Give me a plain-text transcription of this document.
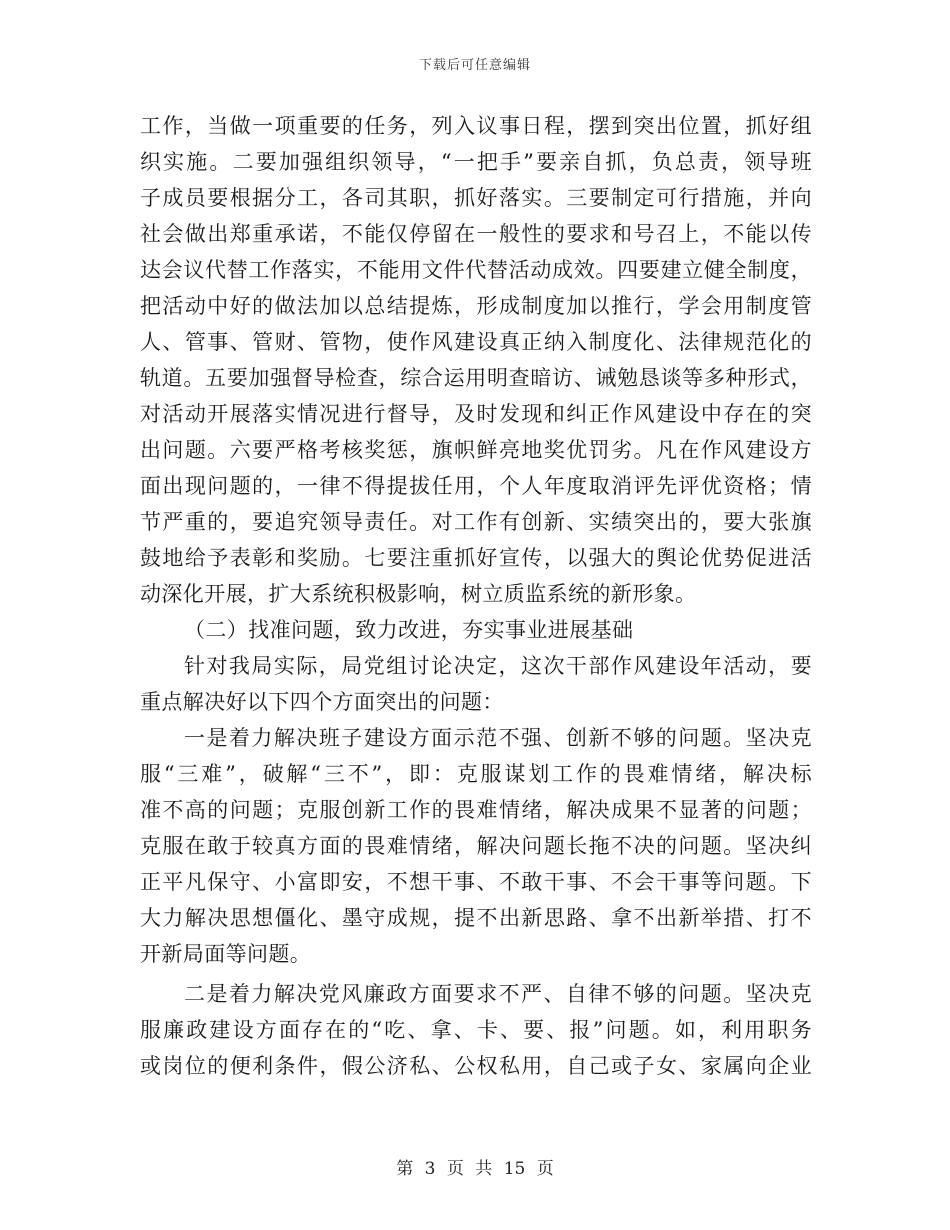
下载后可任意编辑
工作，当做一项重要的任务，列入议事日程，摆到突出位置，抓好组
织实施。二要加强组织领导，“一把手”要亲自抓，负总责，领导班
子成员要根据分工，各司其职，抓好落实。三要制定可行措施，并向
社会做出郑重承诺，不能仅停留在一般性的要求和号召上，不能以传
达会议代替工作落实，不能用文件代替活动成效。四要建立健全制度，
把活动中好的做法加以总结提炼，形成制度加以推行，学会用制度管
人、管事、管财、管物，使作风建设真正纳入制度化、法律规范化的
轨道。五要加强督导检查，综合运用明查暗访、诫勉恳谈等多种形式，
对活动开展落实情况进行督导，及时发现和纠正作风建设中存在的突
出问题。六要严格考核奖惩，旗帜鲜亮地奖优罚劣。凡在作风建设方
面出现问题的，一律不得提拔任用，个人年度取消评先评优资格；情
节严重的，要追究领导责任。对工作有创新、实绩突出的，要大张旗
鼓地给予表彰和奖励。七要注重抓好宣传，以强大的舆论优势促进活
动深化开展，扩大系统积极影响，树立质监系统的新形象。
（二）找准问题，致力改进，夯实事业进展基础
针对我局实际，局党组讨论决定，这次干部作风建设年活动，要
重点解决好以下四个方面突出的问题：
一是着力解决班子建设方面示范不强、创新不够的问题。坚决克
服“三难”，破解“三不”，即：克服谋划工作的畏难情绪，解决标
准不高的问题；克服创新工作的畏难情绪，解决成果不显著的问题；
克服在敢于较真方面的畏难情绪，解决问题长拖不决的问题。坚决纠
正平凡保守、小富即安，不想干事、不敢干事、不会干事等问题。下
大力解决思想僵化、墨守成规，提不出新思路、拿不出新举措、打不
开新局面等问题。
二是着力解决党风廉政方面要求不严、自律不够的问题。坚决克
服廉政建设方面存在的“吃、拿、卡、要、报”问题。如，利用职务
或岗位的便利条件，假公济私、公权私用，自己或子女、家属向企业
第 3 页 共 15 页
